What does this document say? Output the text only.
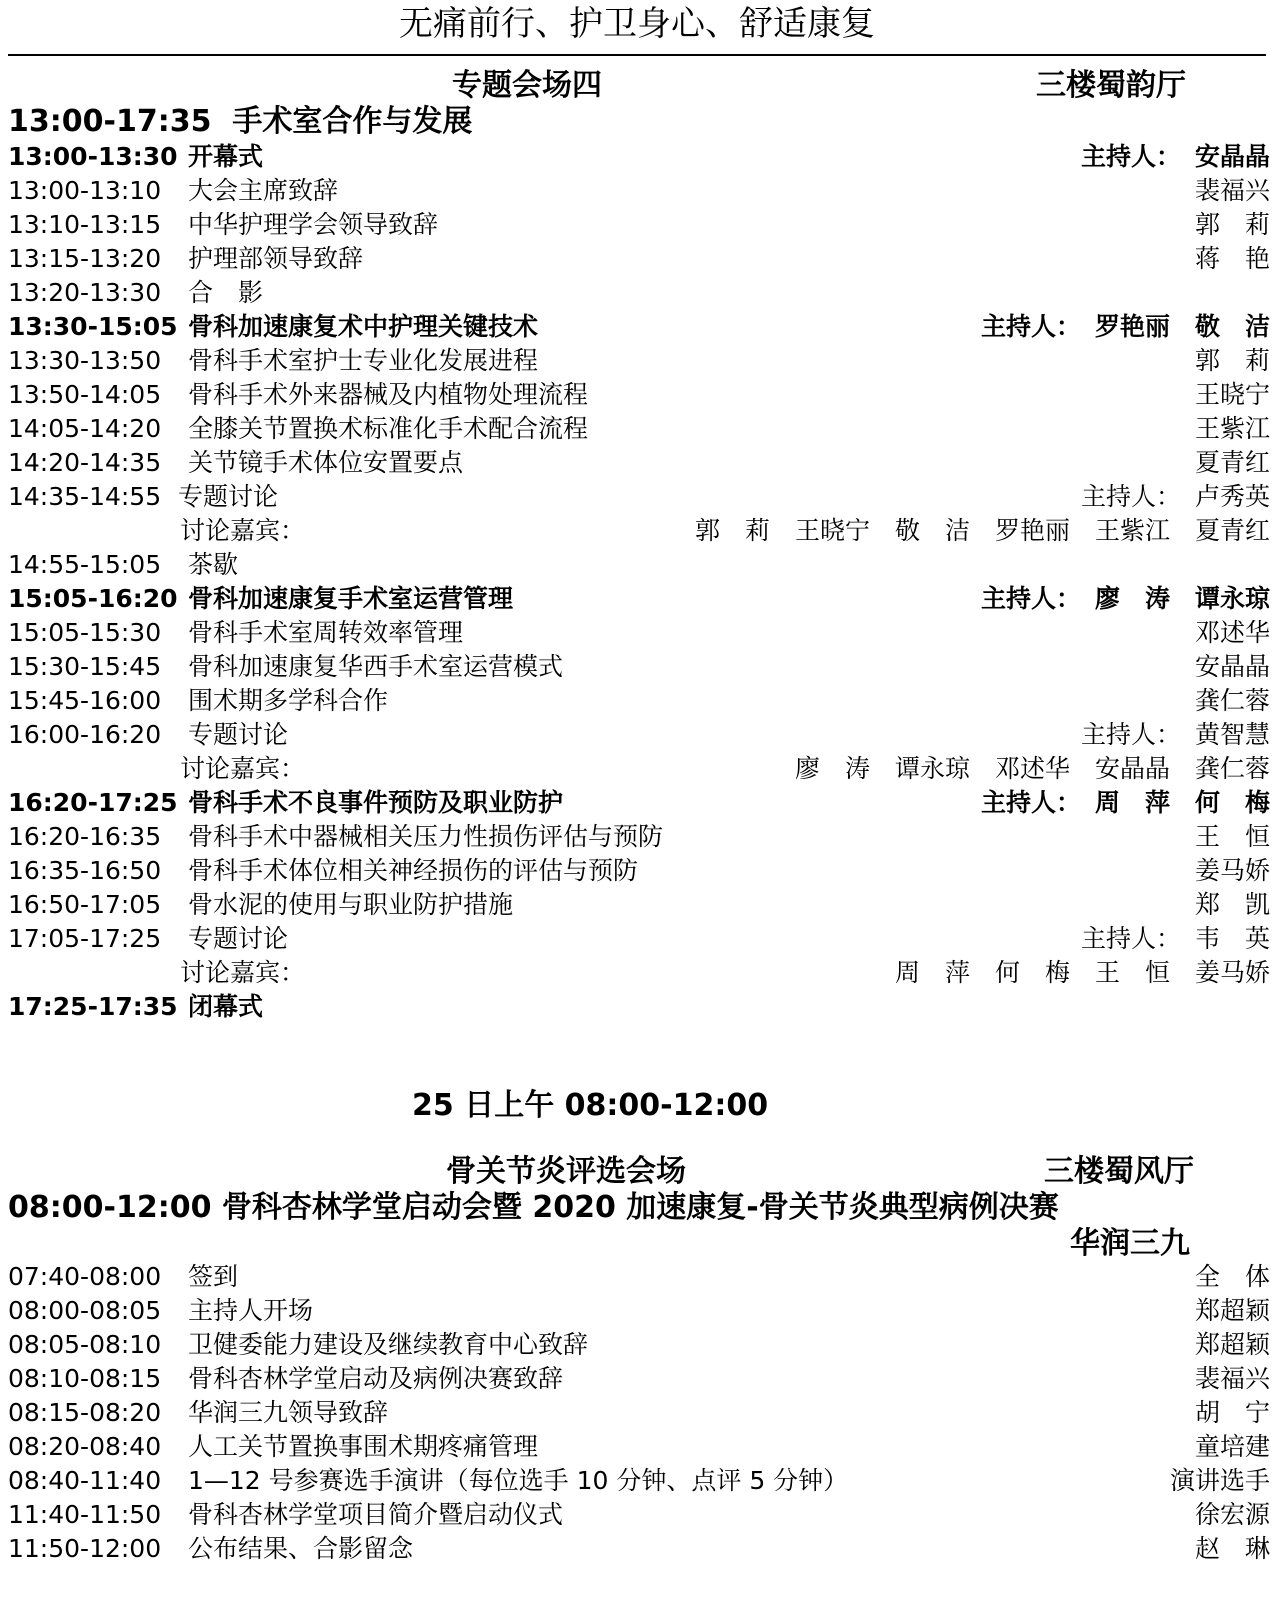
无痛前行、护卫身心、舒适康复
专题会场四	三楼蜀韵厅
13:00-17:35  手术室合作与发展
13:00-13:30 开幕式	主持人： 安晶晶
13:00-13:10 大会主席致辞	裴福兴
13:10-13:15 中华护理学会领导致辞	郭　莉
13:15-13:20 护理部领导致辞	蒋　艳
13:20-13:30 合　影
13:30-15:05 骨科加速康复术中护理关键技术	主持人： 罗艳丽　敬　洁
13:30-13:50 骨科手术室护士专业化发展进程	郭　莉
13:50-14:05 骨科手术外来器械及内植物处理流程	王晓宁
14:05-14:20 全膝关节置换术标准化手术配合流程	王紫江
14:20-14:35 关节镜手术体位安置要点	夏青红
14:35-14:55 专题讨论	主持人： 卢秀英
讨论嘉宾：	郭　莉　王晓宁　敬　洁　罗艳丽　王紫江　夏青红
14:55-15:05 茶歇
15:05-16:20 骨科加速康复手术室运营管理	主持人： 廖　涛　谭永琼
15:05-15:30 骨科手术室周转效率管理	邓述华
15:30-15:45 骨科加速康复华西手术室运营模式	安晶晶
15:45-16:00 围术期多学科合作	龚仁蓉
16:00-16:20 专题讨论	主持人： 黄智慧
讨论嘉宾：	廖　涛　谭永琼　邓述华　安晶晶　龚仁蓉
16:20-17:25 骨科手术不良事件预防及职业防护	主持人： 周　萍　何　梅
16:20-16:35 骨科手术中器械相关压力性损伤评估与预防	王　恒
16:35-16:50 骨科手术体位相关神经损伤的评估与预防	姜马娇
16:50-17:05 骨水泥的使用与职业防护措施	郑　凯
17:05-17:25 专题讨论	主持人： 韦　英
讨论嘉宾：	周　萍　何　梅　王　恒　姜马娇
17:25-17:35 闭幕式
25 日上午 08:00-12:00
骨关节炎评选会场	三楼蜀风厅
08:00-12:00 骨科杏林学堂启动会暨 2020 加速康复-骨关节炎典型病例决赛
华润三九
07:40-08:00 签到	全　体
08:00-08:05 主持人开场	郑超颖
08:05-08:10 卫健委能力建设及继续教育中心致辞	郑超颖
08:10-08:15 骨科杏林学堂启动及病例决赛致辞	裴福兴
08:15-08:20 华润三九领导致辞	胡　宁
08:20-08:40 人工关节置换事围术期疼痛管理	童培建
08:40-11:40 1—12 号参赛选手演讲（每位选手 10 分钟、点评 5 分钟）	演讲选手
11:40-11:50 骨科杏林学堂项目简介暨启动仪式	徐宏源
11:50-12:00 公布结果、合影留念	赵　琳
